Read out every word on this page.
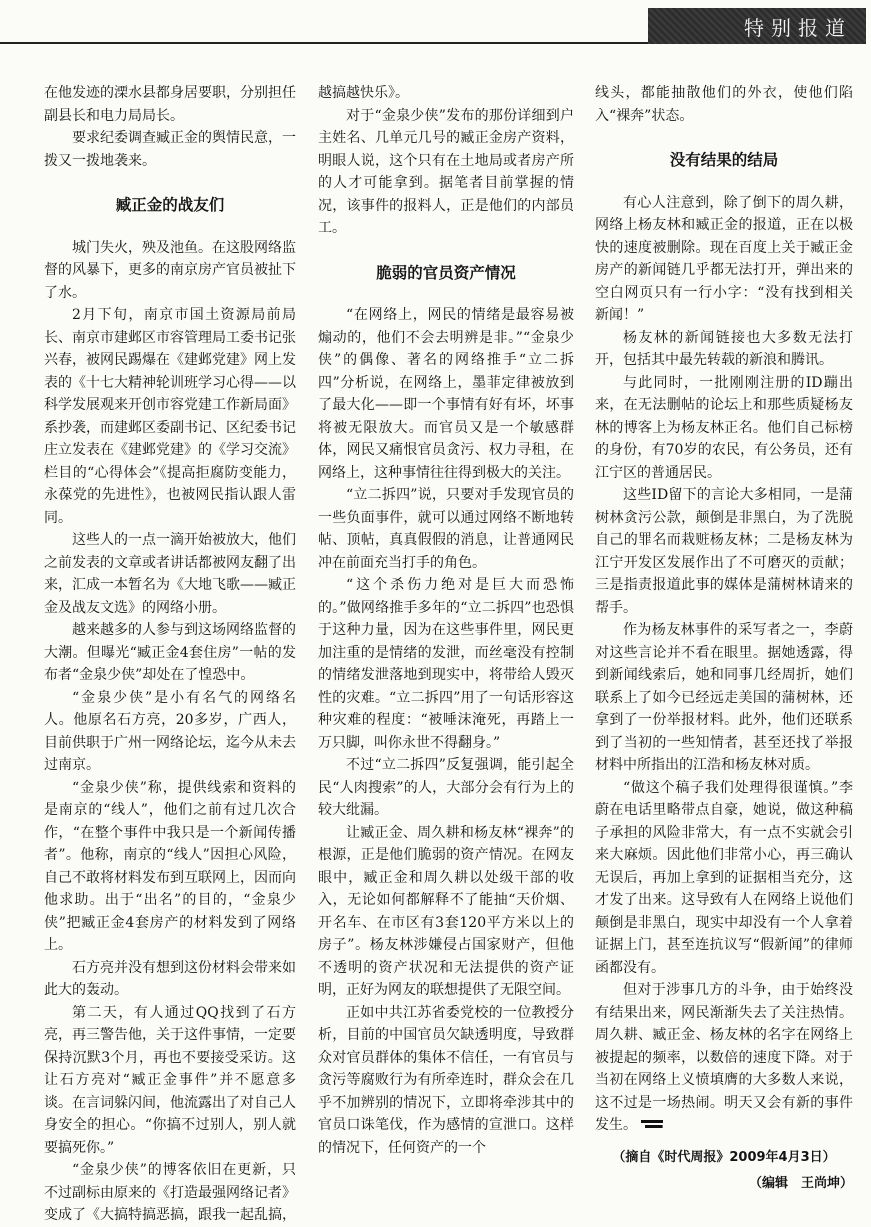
特别报道

在他发迹的溧水县都身居要职，分别担任副县长和电力局局长。

要求纪委调查臧正金的舆情民意，一拨又一拨地袭来。

臧正金的战友们

城门失火，殃及池鱼。在这股网络监督的风暴下，更多的南京房产官员被扯下了水。

2月下旬，南京市国土资源局前局长、南京市建邺区市容管理局工委书记张兴春，被网民踢爆在《建邺党建》网上发表的《十七大精神轮训班学习心得——以科学发展观来开创市容党建工作新局面》系抄袭，而建邺区委副书记、区纪委书记庄立发表在《建邺党建》的《学习交流》栏目的“心得体会”《提高拒腐防变能力，永葆党的先进性》，也被网民指认跟人雷同。

这些人的一点一滴开始被放大，他们之前发表的文章或者讲话都被网友翻了出来，汇成一本暂名为《大地飞歌——臧正金及战友文选》的网络小册。

越来越多的人参与到这场网络监督的大潮。但曝光“臧正金4套住房”一帖的发布者“金泉少侠”却处在了惶恐中。

“金泉少侠”是小有名气的网络名人。他原名石方亮，20多岁，广西人，目前供职于广州一网络论坛，迄今从未去过南京。

“金泉少侠”称，提供线索和资料的是南京的“线人”，他们之前有过几次合作，“在整个事件中我只是一个新闻传播者”。他称，南京的“线人”因担心风险，自己不敢将材料发布到互联网上，因而向他求助。出于“出名”的目的，“金泉少侠”把臧正金4套房产的材料发到了网络上。

石方亮并没有想到这份材料会带来如此大的轰动。

第二天，有人通过QQ找到了石方亮，再三警告他，关于这件事情，一定要保持沉默3个月，再也不要接受采访。这让石方亮对“臧正金事件”并不愿意多谈。在言词躲闪间，他流露出了对自己人身安全的担心。“你搞不过别人，别人就要搞死你。”

“金泉少侠”的博客依旧在更新，只不过副标由原来的《打造最强网络记者》变成了《大搞特搞恶搞，跟我一起乱搞，

越搞越快乐》。

对于“金泉少侠”发布的那份详细到户主姓名、几单元几号的臧正金房产资料，明眼人说，这个只有在土地局或者房产所的人才可能拿到。据笔者目前掌握的情况，该事件的报料人，正是他们的内部员工。

脆弱的官员资产情况

“在网络上，网民的情绪是最容易被煽动的，他们不会去明辨是非。”“金泉少侠”的偶像、著名的网络推手“立二拆四”分析说，在网络上，墨菲定律被放到了最大化——即一个事情有好有坏，坏事将被无限放大。而官员又是一个敏感群体，网民又痛恨官员贪污、权力寻租，在网络上，这种事情往往得到极大的关注。

“立二拆四”说，只要对手发现官员的一些负面事件，就可以通过网络不断地转帖、顶帖，真真假假的消息，让普通网民冲在前面充当打手的角色。

“这个杀伤力绝对是巨大而恐怖的。”做网络推手多年的“立二拆四”也恐惧于这种力量，因为在这些事件里，网民更加注重的是情绪的发泄，而丝毫没有控制的情绪发泄落地到现实中，将带给人毁灭性的灾难。“立二拆四”用了一句话形容这种灾难的程度：“被唾沫淹死，再踏上一万只脚，叫你永世不得翻身。”

不过“立二拆四”反复强调，能引起全民“人肉搜索”的人，大部分会有行为上的较大纰漏。

让臧正金、周久耕和杨友林“裸奔”的根源，正是他们脆弱的资产情况。在网友眼中，臧正金和周久耕以处级干部的收入，无论如何都解释不了能抽“天价烟、开名车、在市区有3套120平方米以上的房子”。杨友林涉嫌侵占国家财产，但他不透明的资产状况和无法提供的资产证明，正好为网友的联想提供了无限空间。

正如中共江苏省委党校的一位教授分析，目前的中国官员欠缺透明度，导致群众对官员群体的集体不信任，一有官员与贪污等腐败行为有所牵连时，群众会在几乎不加辨别的情况下，立即将牵涉其中的官员口诛笔伐，作为感情的宣泄口。这样的情况下，任何资产的一个

线头，都能抽散他们的外衣，使他们陷入“裸奔”状态。

没有结果的结局

有心人注意到，除了倒下的周久耕，网络上杨友林和臧正金的报道，正在以极快的速度被删除。现在百度上关于臧正金房产的新闻链几乎都无法打开，弹出来的空白网页只有一行小字：“没有找到相关新闻！”

杨友林的新闻链接也大多数无法打开，包括其中最先转载的新浪和腾讯。

与此同时，一批刚刚注册的ID蹦出来，在无法删帖的论坛上和那些质疑杨友林的博客上为杨友林正名。他们自己标榜的身份，有70岁的农民，有公务员，还有江宁区的普通居民。

这些ID留下的言论大多相同，一是蒲树林贪污公款，颠倒是非黑白，为了洗脱自己的罪名而栽赃杨友林；二是杨友林为江宁开发区发展作出了不可磨灭的贡献；三是指责报道此事的媒体是蒲树林请来的帮手。

作为杨友林事件的采写者之一，李蔚对这些言论并不看在眼里。据她透露，得到新闻线索后，她和同事几经周折，她们联系上了如今已经远走美国的蒲树林，还拿到了一份举报材料。此外，他们还联系到了当初的一些知情者，甚至还找了举报材料中所指出的江浩和杨友林对质。

“做这个稿子我们处理得很谨慎。”李蔚在电话里略带点自豪，她说，做这种稿子承担的风险非常大，有一点不实就会引来大麻烦。因此他们非常小心，再三确认无误后，再加上拿到的证据相当充分，这才发了出来。这导致有人在网络上说他们颠倒是非黑白，现实中却没有一个人拿着证据上门，甚至连抗议写“假新闻”的律师函都没有。

但对于涉事几方的斗争，由于始终没有结果出来，网民渐渐失去了关注热情。周久耕、臧正金、杨友林的名字在网络上被提起的频率，以数倍的速度下降。对于当初在网络上义愤填膺的大多数人来说，这不过是一场热闹。明天又会有新的事件发生。

（摘自《时代周报》2009年4月3日）
（编辑　王尚坤）
